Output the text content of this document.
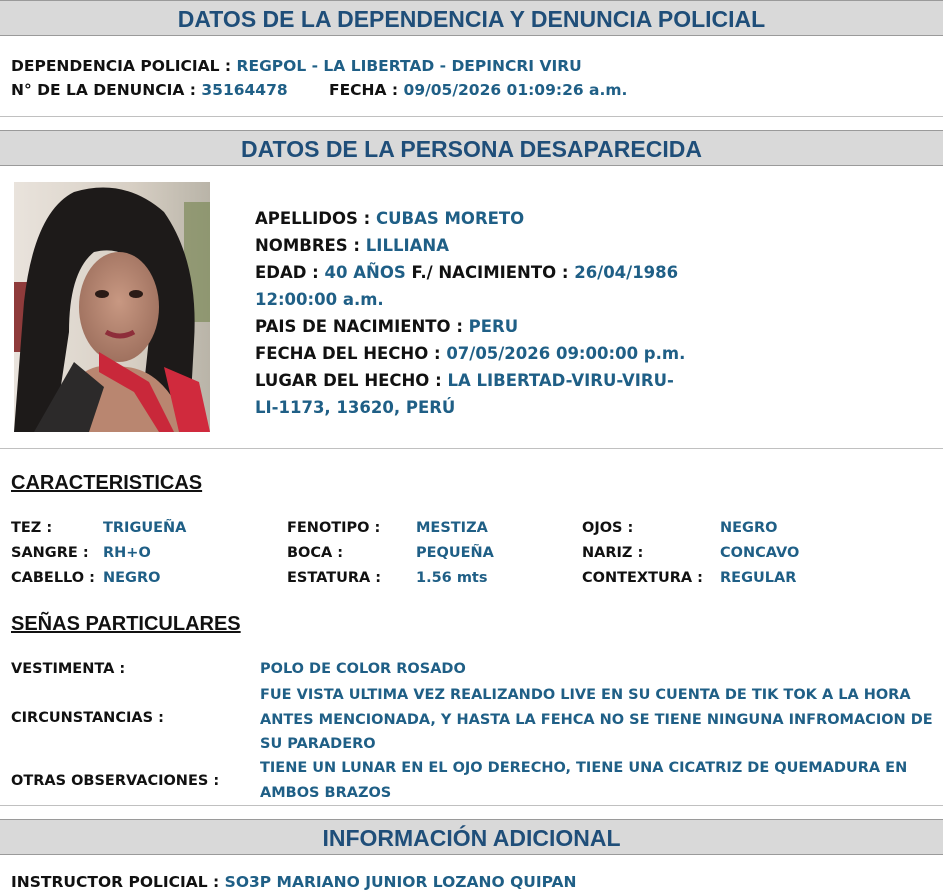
DATOS DE LA DEPENDENCIA Y DENUNCIA POLICIAL
DEPENDENCIA POLICIAL : REGPOL - LA LIBERTAD - DEPINCRI VIRU
N° DE LA DENUNCIA : 35164478	FECHA : 09/05/2026 01:09:26 a.m.
DATOS DE LA PERSONA DESAPARECIDA
APELLIDOS : CUBAS MORETO
NOMBRES : LILLIANA
EDAD : 40 AÑOS F./ NACIMIENTO : 26/04/1986
12:00:00 a.m.
PAIS DE NACIMIENTO : PERU
FECHA DEL HECHO : 07/05/2026 09:00:00 p.m.
LUGAR DEL HECHO : LA LIBERTAD-VIRU-VIRU-
LI-1173, 13620, PERÚ
CARACTERISTICAS
TEZ :	TRIGUEÑA	FENOTIPO : MESTIZA	OJOS :	NEGRO
SANGRE : RH+O	BOCA :	PEQUEÑA	NARIZ :	CONCAVO
CABELLO : NEGRO	ESTATURA : 1.56 mts	CONTEXTURA : REGULAR
SEÑAS PARTICULARES
VESTIMENTA :	POLO DE COLOR ROSADO
CIRCUNSTANCIAS :
FUE VISTA ULTIMA VEZ REALIZANDO LIVE EN SU CUENTA DE TIK TOK A LA HORA ANTES MENCIONADA, Y HASTA LA FEHCA NO SE TIENE NINGUNA INFROMACION DE SU PARADERO
OTRAS OBSERVACIONES :
TIENE UN LUNAR EN EL OJO DERECHO, TIENE UNA CICATRIZ DE QUEMADURA EN AMBOS BRAZOS
INFORMACIÓN ADICIONAL
INSTRUCTOR POLICIAL : SO3P MARIANO JUNIOR LOZANO QUIPAN
